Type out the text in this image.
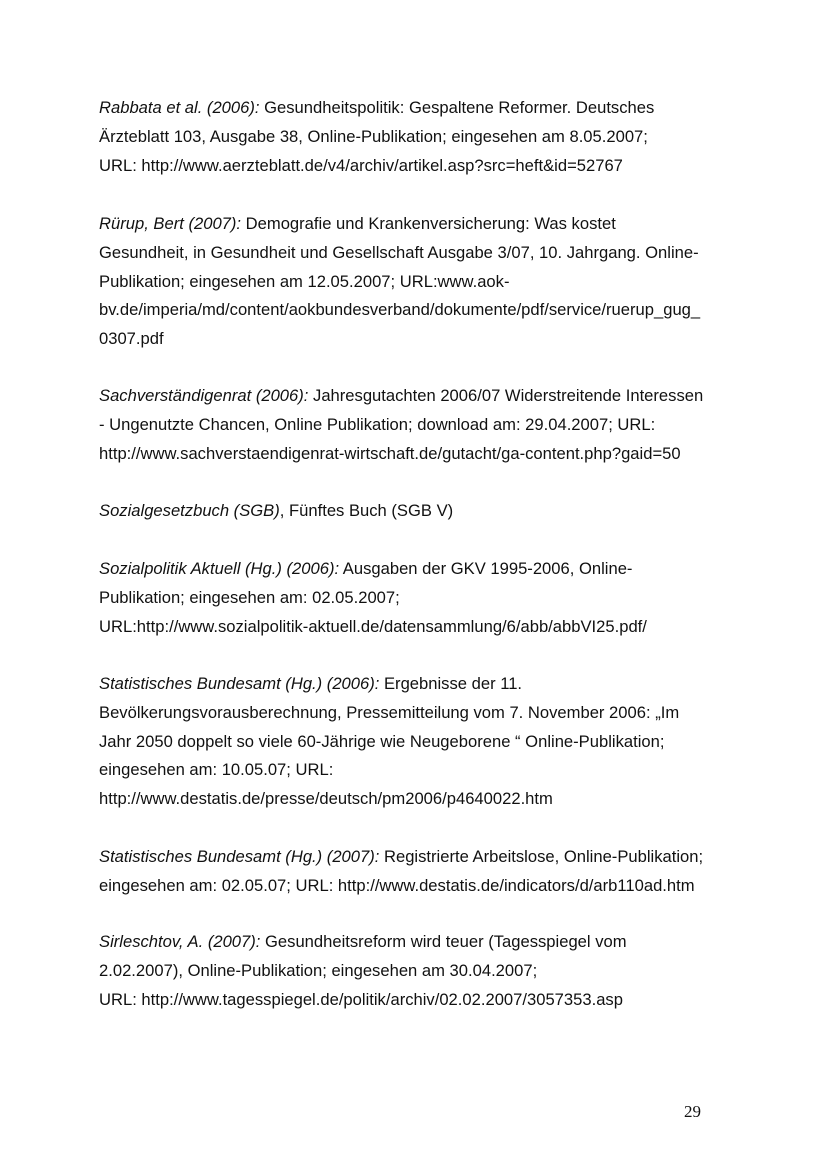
Rabbata et al. (2006): Gesundheitspolitik: Gespaltene Reformer. Deutsches
Ärzteblatt 103, Ausgabe 38, Online-Publikation; eingesehen am 8.05.2007;
URL: http://www.aerzteblatt.de/v4/archiv/artikel.asp?src=heft&id=52767
Rürup, Bert (2007): Demografie und Krankenversicherung: Was kostet
Gesundheit, in Gesundheit und Gesellschaft Ausgabe 3/07, 10. Jahrgang. Online-
Publikation; eingesehen am 12.05.2007; URL:www.aok-
bv.de/imperia/md/content/aokbundesverband/dokumente/pdf/service/ruerup_gug_
0307.pdf
Sachverständigenrat (2006): Jahresgutachten 2006/07 Widerstreitende Interessen
- Ungenutzte Chancen, Online Publikation; download am: 29.04.2007; URL:
http://www.sachverstaendigenrat-wirtschaft.de/gutacht/ga-content.php?gaid=50
Sozialgesetzbuch (SGB), Fünftes Buch (SGB V)
Sozialpolitik Aktuell (Hg.) (2006): Ausgaben der GKV 1995-2006, Online-
Publikation; eingesehen am: 02.05.2007;
URL:http://www.sozialpolitik-aktuell.de/datensammlung/6/abb/abbVI25.pdf/
Statistisches Bundesamt (Hg.) (2006): Ergebnisse der 11.
Bevölkerungsvorausberechnung, Pressemitteilung vom 7. November 2006: „Im
Jahr 2050 doppelt so viele 60-Jährige wie Neugeborene “ Online-Publikation;
eingesehen am: 10.05.07; URL:
http://www.destatis.de/presse/deutsch/pm2006/p4640022.htm
Statistisches Bundesamt (Hg.) (2007): Registrierte Arbeitslose, Online-Publikation;
eingesehen am: 02.05.07; URL: http://www.destatis.de/indicators/d/arb110ad.htm
Sirleschtov, A. (2007): Gesundheitsreform wird teuer (Tagesspiegel vom
2.02.2007), Online-Publikation; eingesehen am 30.04.2007;
URL: http://www.tagesspiegel.de/politik/archiv/02.02.2007/3057353.asp
29
